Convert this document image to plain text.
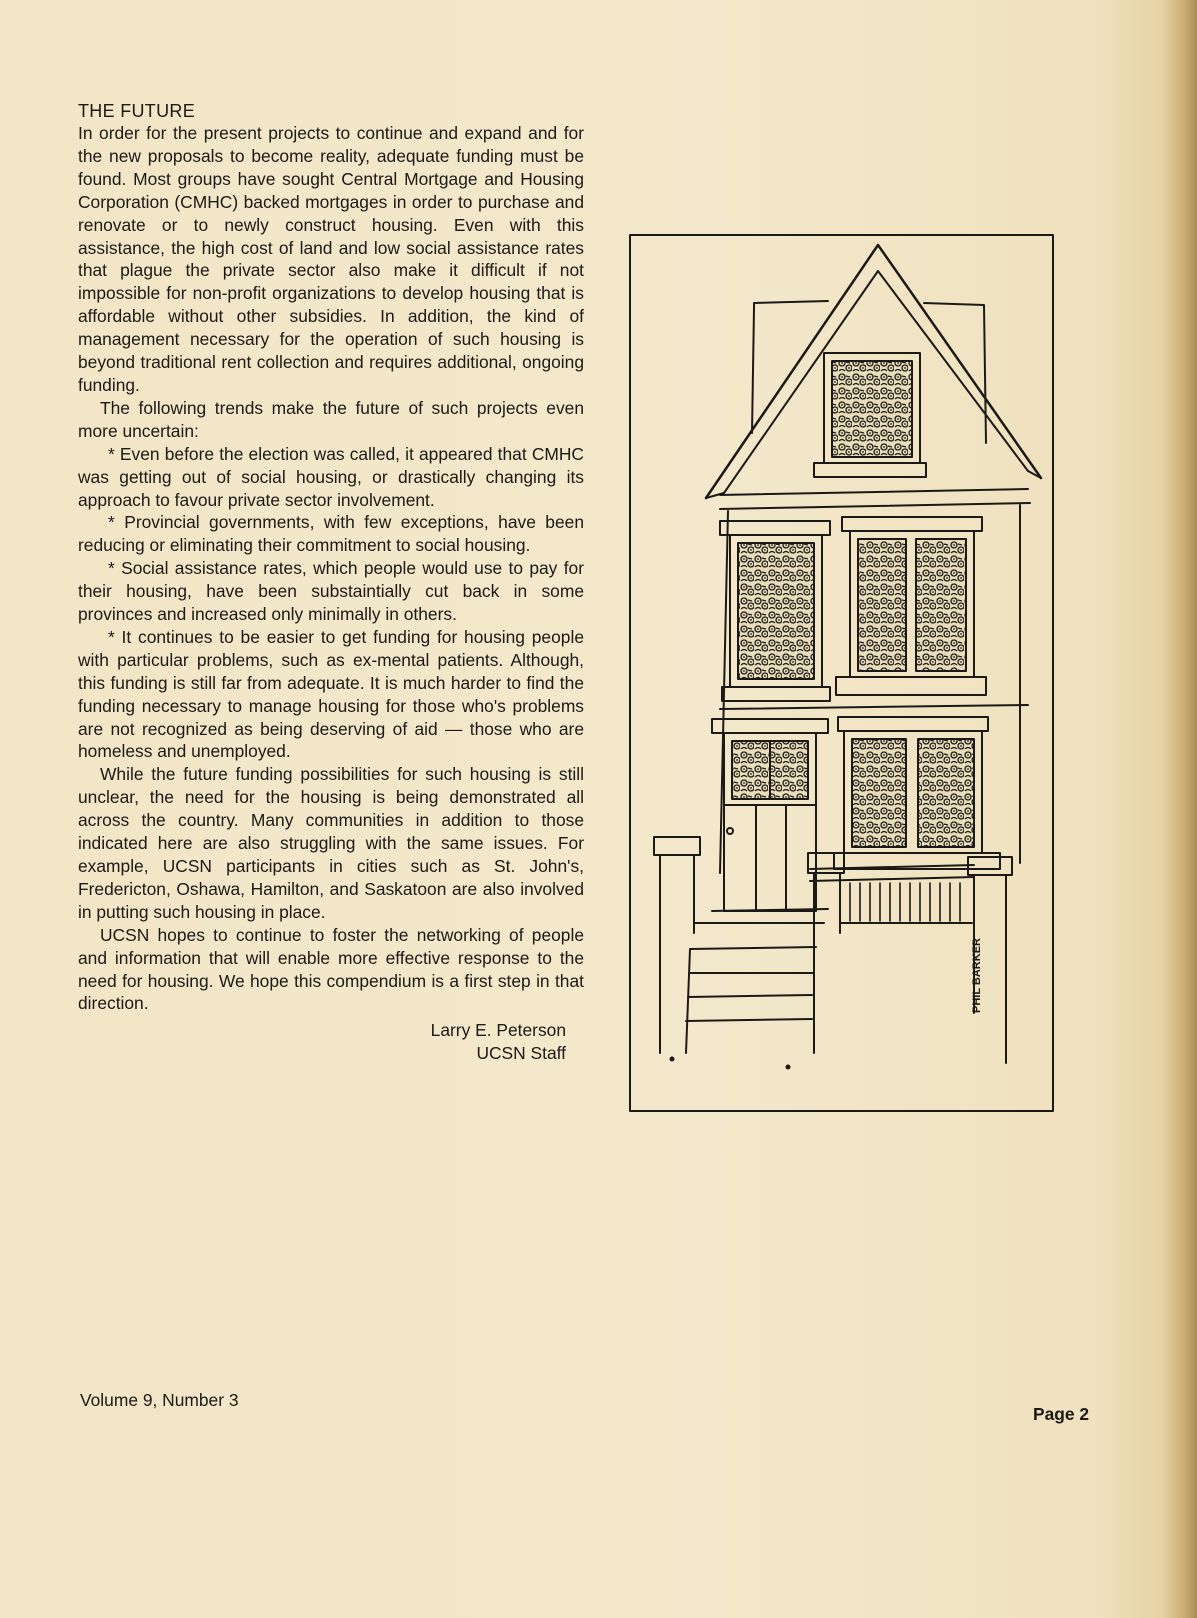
THE FUTURE

In order for the present projects to continue and expand and for the new proposals to become reality, adequate funding must be found. Most groups have sought Central Mortgage and Housing Corporation (CMHC) backed mortgages in order to purchase and renovate or to newly construct housing. Even with this assistance, the high cost of land and low social assistance rates that plague the private sector also make it difficult if not impossible for non-profit organizations to develop housing that is affordable without other subsidies. In addition, the kind of management necessary for the operation of such housing is beyond traditional rent collection and requires additional, ongoing funding.

The following trends make the future of such projects even more uncertain:

* Even before the election was called, it appeared that CMHC was getting out of social housing, or drastically changing its approach to favour private sector involvement.

* Provincial governments, with few exceptions, have been reducing or eliminating their commitment to social housing.

* Social assistance rates, which people would use to pay for their housing, have been substaintially cut back in some provinces and increased only minimally in others.

* It continues to be easier to get funding for housing people with particular problems, such as ex-mental patients. Although, this funding is still far from adequate. It is much harder to find the funding necessary to manage housing for those who's problems are not recognized as being deserving of aid — those who are homeless and unemployed.

While the future funding possibilities for such housing is still unclear, the need for the housing is being demonstrated all across the country. Many communities in addition to those indicated here are also struggling with the same issues. For example, UCSN participants in cities such as St. John's, Fredericton, Oshawa, Hamilton, and Saskatoon are also involved in putting such housing in place.

UCSN hopes to continue to foster the networking of people and information that will enable more effective response to the need for housing. We hope this compendium is a first step in that direction.

Larry E. Peterson
UCSN Staff
PHIL BARKER
Volume 9, Number 3
Page 2
